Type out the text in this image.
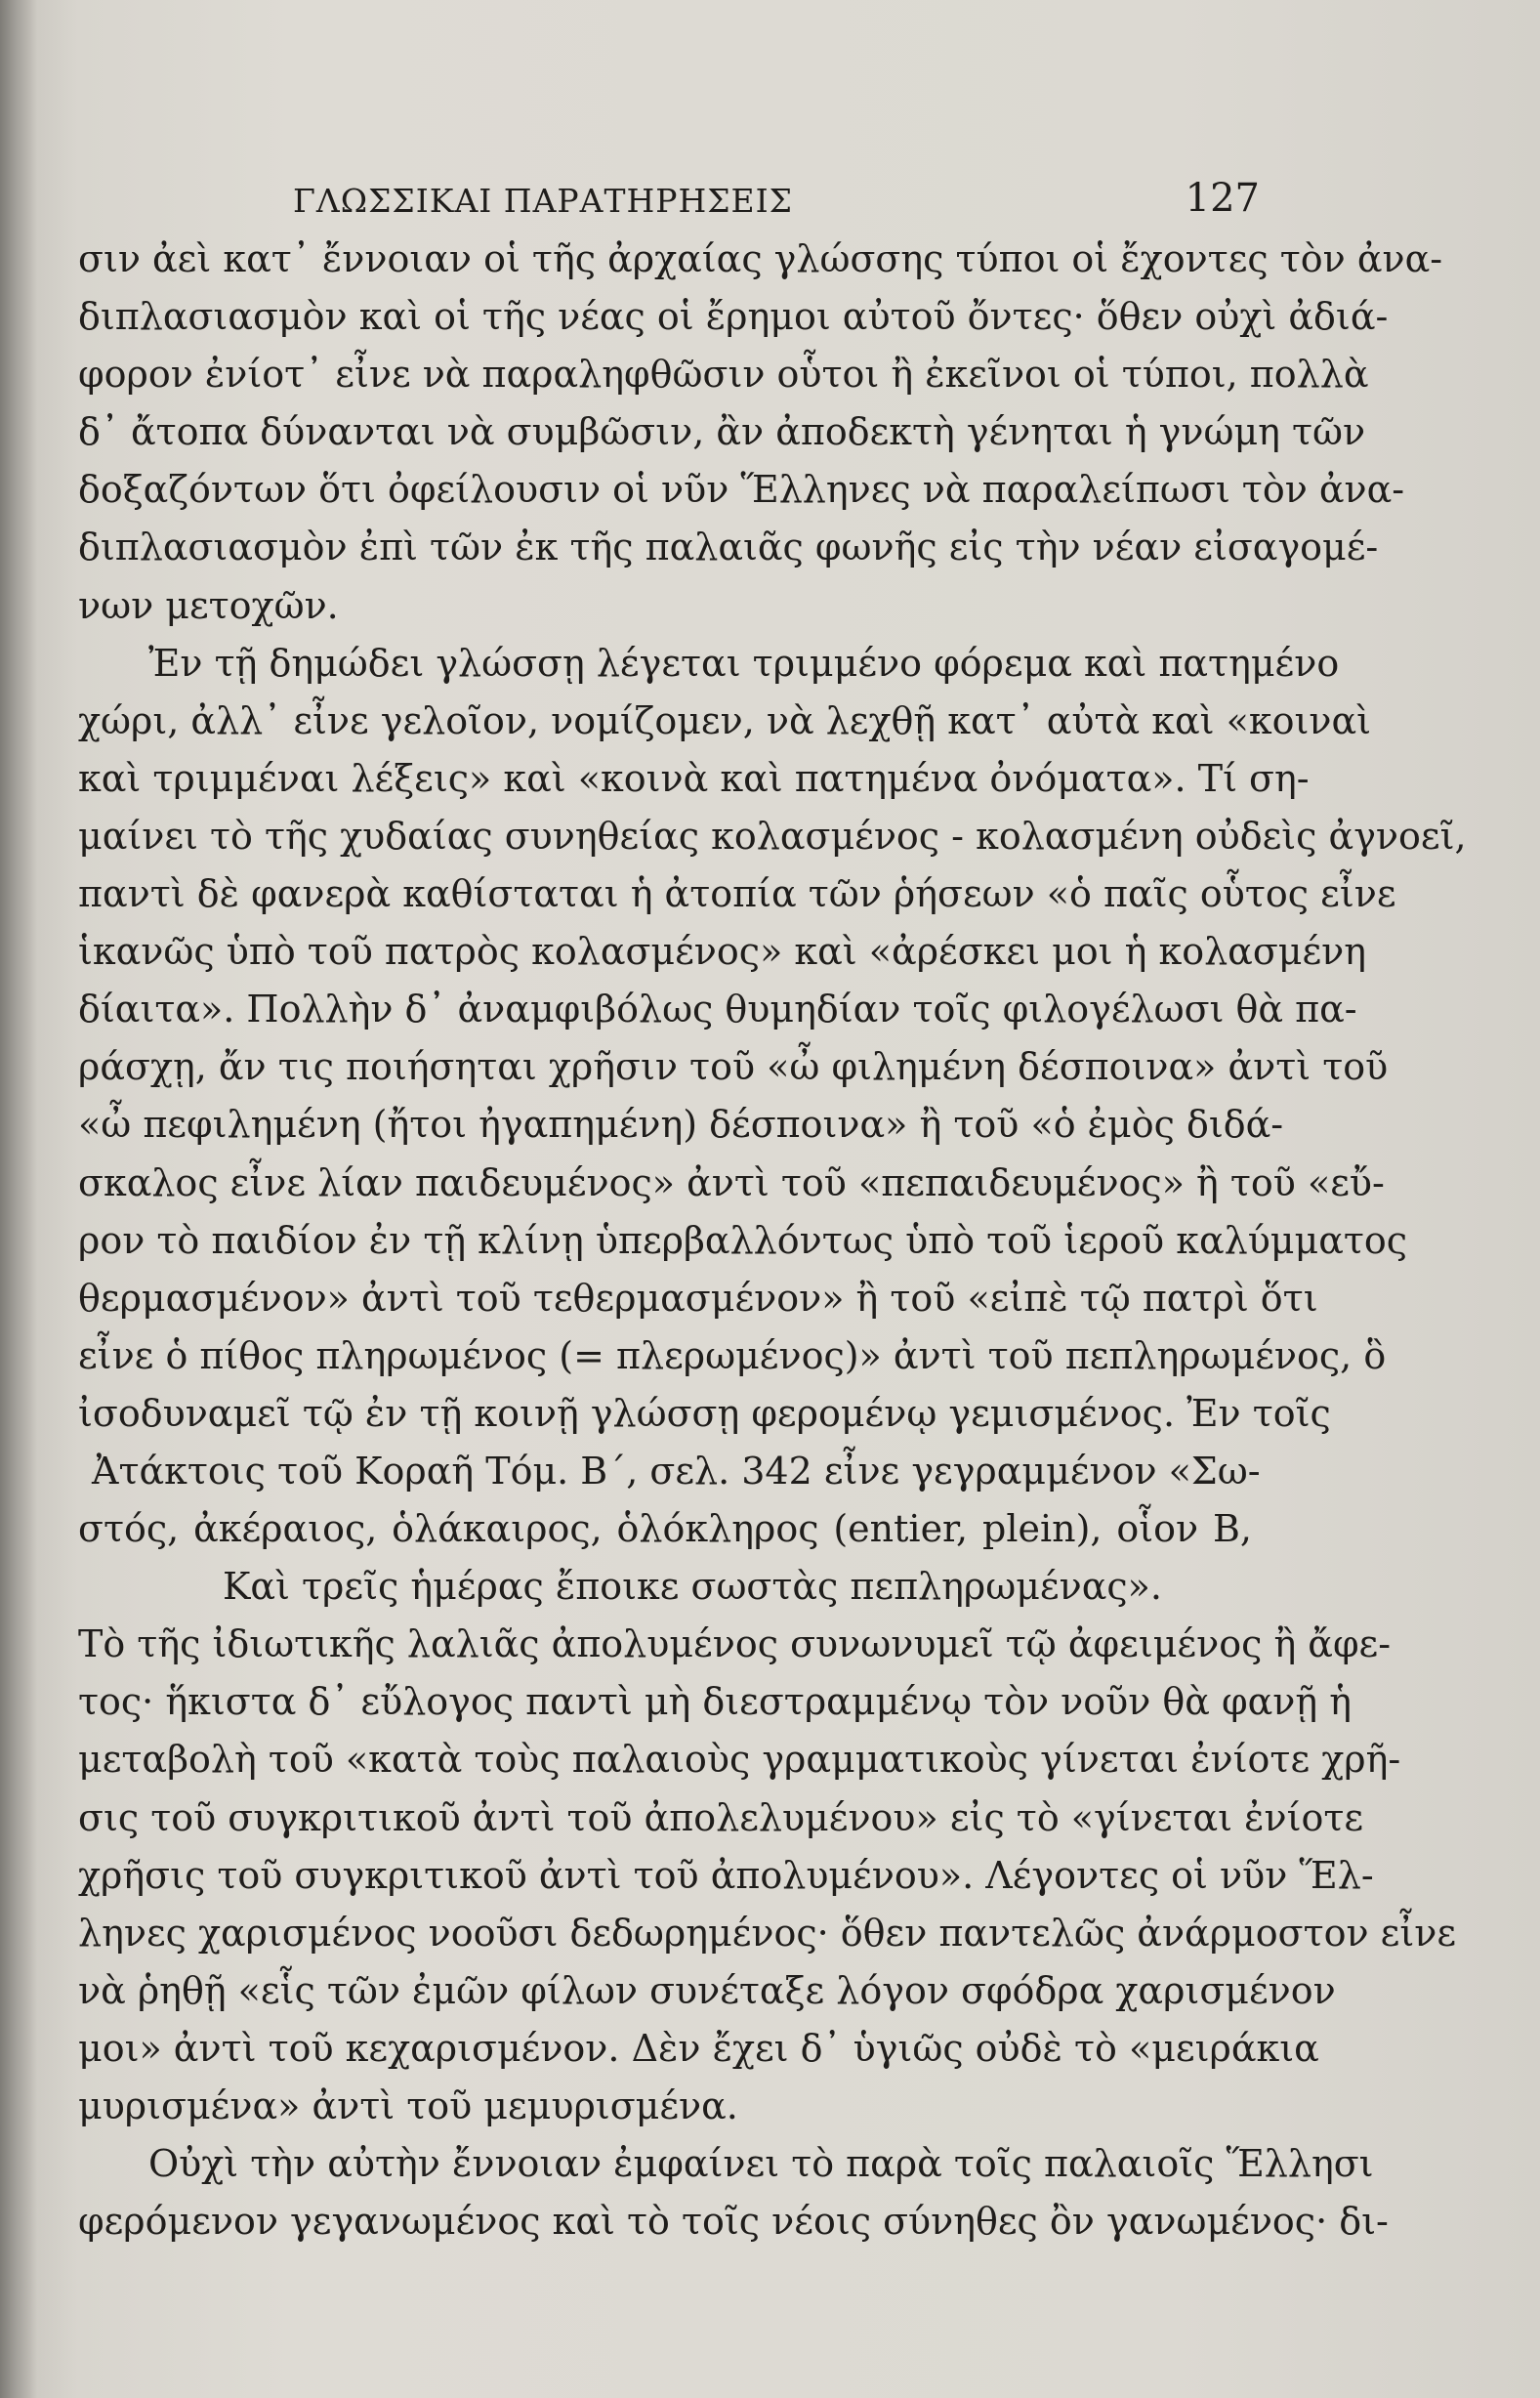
ΓΛΩΣΣΙΚΑΙ ΠΑΡΑΤΗΡΗΣΕΙΣ	127
σιν ἀεὶ κατ᾽ ἔννοιαν οἱ τῆς ἀρχαίας γλώσσης τύποι οἱ ἔχοντες τὸν ἀνα-
διπλασιασμὸν καὶ οἱ τῆς νέας οἱ ἔρημοι αὐτοῦ ὄντες· ὅθεν οὐχὶ ἀδιά-
φορον ἐνίοτ᾽ εἶνε νὰ παραληφθῶσιν οὗτοι ἢ ἐκεῖνοι οἱ τύποι, πολλὰ
δ᾽ ἄτοπα δύνανται νὰ συμβῶσιν, ἂν ἀποδεκτὴ γένηται ἡ γνώμη τῶν
δοξαζόντων ὅτι ὀφείλουσιν οἱ νῦν Ἕλληνες νὰ παραλείπωσι τὸν ἀνα-
διπλασιασμὸν ἐπὶ τῶν ἐκ τῆς παλαιᾶς φωνῆς εἰς τὴν νέαν εἰσαγομέ-
νων μετοχῶν.
Ἐν τῇ δημώδει γλώσσῃ λέγεται τριμμένο φόρεμα καὶ πατημένο
χώρι, ἀλλ᾽ εἶνε γελοῖον, νομίζομεν, νὰ λεχθῇ κατ᾽ αὐτὰ καὶ «κοιναὶ
καὶ τριμμέναι λέξεις» καὶ «κοινὰ καὶ πατημένα ὀνόματα». Τί ση-
μαίνει τὸ τῆς χυδαίας συνηθείας κολασμένος - κολασμένη οὐδεὶς ἀγνοεῖ,
παντὶ δὲ φανερὰ καθίσταται ἡ ἀτοπία τῶν ῥήσεων «ὁ παῖς οὗτος εἶνε
ἱκανῶς ὑπὸ τοῦ πατρὸς κολασμένος» καὶ «ἀρέσκει μοι ἡ κολασμένη
δίαιτα». Πολλὴν δ᾽ ἀναμφιβόλως θυμηδίαν τοῖς φιλογέλωσι θὰ πα-
ράσχῃ, ἄν τις ποιήσηται χρῆσιν τοῦ «ὦ φιλημένη δέσποινα» ἀντὶ τοῦ
«ὦ πεφιλημένη (ἤτοι ἠγαπημένη) δέσποινα» ἢ τοῦ «ὁ ἐμὸς διδά-
σκαλος εἶνε λίαν παιδευμένος» ἀντὶ τοῦ «πεπαιδευμένος» ἢ τοῦ «εὔ-
ρον τὸ παιδίον ἐν τῇ κλίνῃ ὑπερβαλλόντως ὑπὸ τοῦ ἱεροῦ καλύμματος
θερμασμένον» ἀντὶ τοῦ τεθερμασμένον» ἢ τοῦ «εἰπὲ τῷ πατρὶ ὅτι
εἶνε ὁ πίθος πληρωμένος (= πλερωμένος)» ἀντὶ τοῦ πεπληρωμένος, ὃ
ἰσοδυναμεῖ τῷ ἐν τῇ κοινῇ γλώσσῃ φερομένῳ γεμισμένος. Ἐν τοῖς
Ἀτάκτοις τοῦ Κοραῆ Τόμ. Β΄, σελ. 342 εἶνε γεγραμμένον «Σω-
στός, ἀκέραιος, ὁλάκαιρος, ὁλόκληρος (entier, plein), οἷον Β,
Καὶ τρεῖς ἡμέρας ἔποικε σωστὰς πεπληρωμένας».
Τὸ τῆς ἰδιωτικῆς λαλιᾶς ἀπολυμένος συνωνυμεῖ τῷ ἀφειμένος ἢ ἄφε-
τος· ἥκιστα δ᾽ εὔλογος παντὶ μὴ διεστραμμένῳ τὸν νοῦν θὰ φανῇ ἡ
μεταβολὴ τοῦ «κατὰ τοὺς παλαιοὺς γραμματικοὺς γίνεται ἐνίοτε χρῆ-
σις τοῦ συγκριτικοῦ ἀντὶ τοῦ ἀπολελυμένου» εἰς τὸ «γίνεται ἐνίοτε
χρῆσις τοῦ συγκριτικοῦ ἀντὶ τοῦ ἀπολυμένου». Λέγοντες οἱ νῦν Ἕλ-
ληνες χαρισμένος νοοῦσι δεδωρημένος· ὅθεν παντελῶς ἀνάρμοστον εἶνε
νὰ ῥηθῇ «εἷς τῶν ἐμῶν φίλων συνέταξε λόγον σφόδρα χαρισμένον
μοι» ἀντὶ τοῦ κεχαρισμένον. Δὲν ἔχει δ᾽ ὑγιῶς οὐδὲ τὸ «μειράκια
μυρισμένα» ἀντὶ τοῦ μεμυρισμένα.
Οὐχὶ τὴν αὐτὴν ἔννοιαν ἐμφαίνει τὸ παρὰ τοῖς παλαιοῖς Ἕλλησι
φερόμενον γεγανωμένος καὶ τὸ τοῖς νέοις σύνηθες ὂν γανωμένος· δι-
